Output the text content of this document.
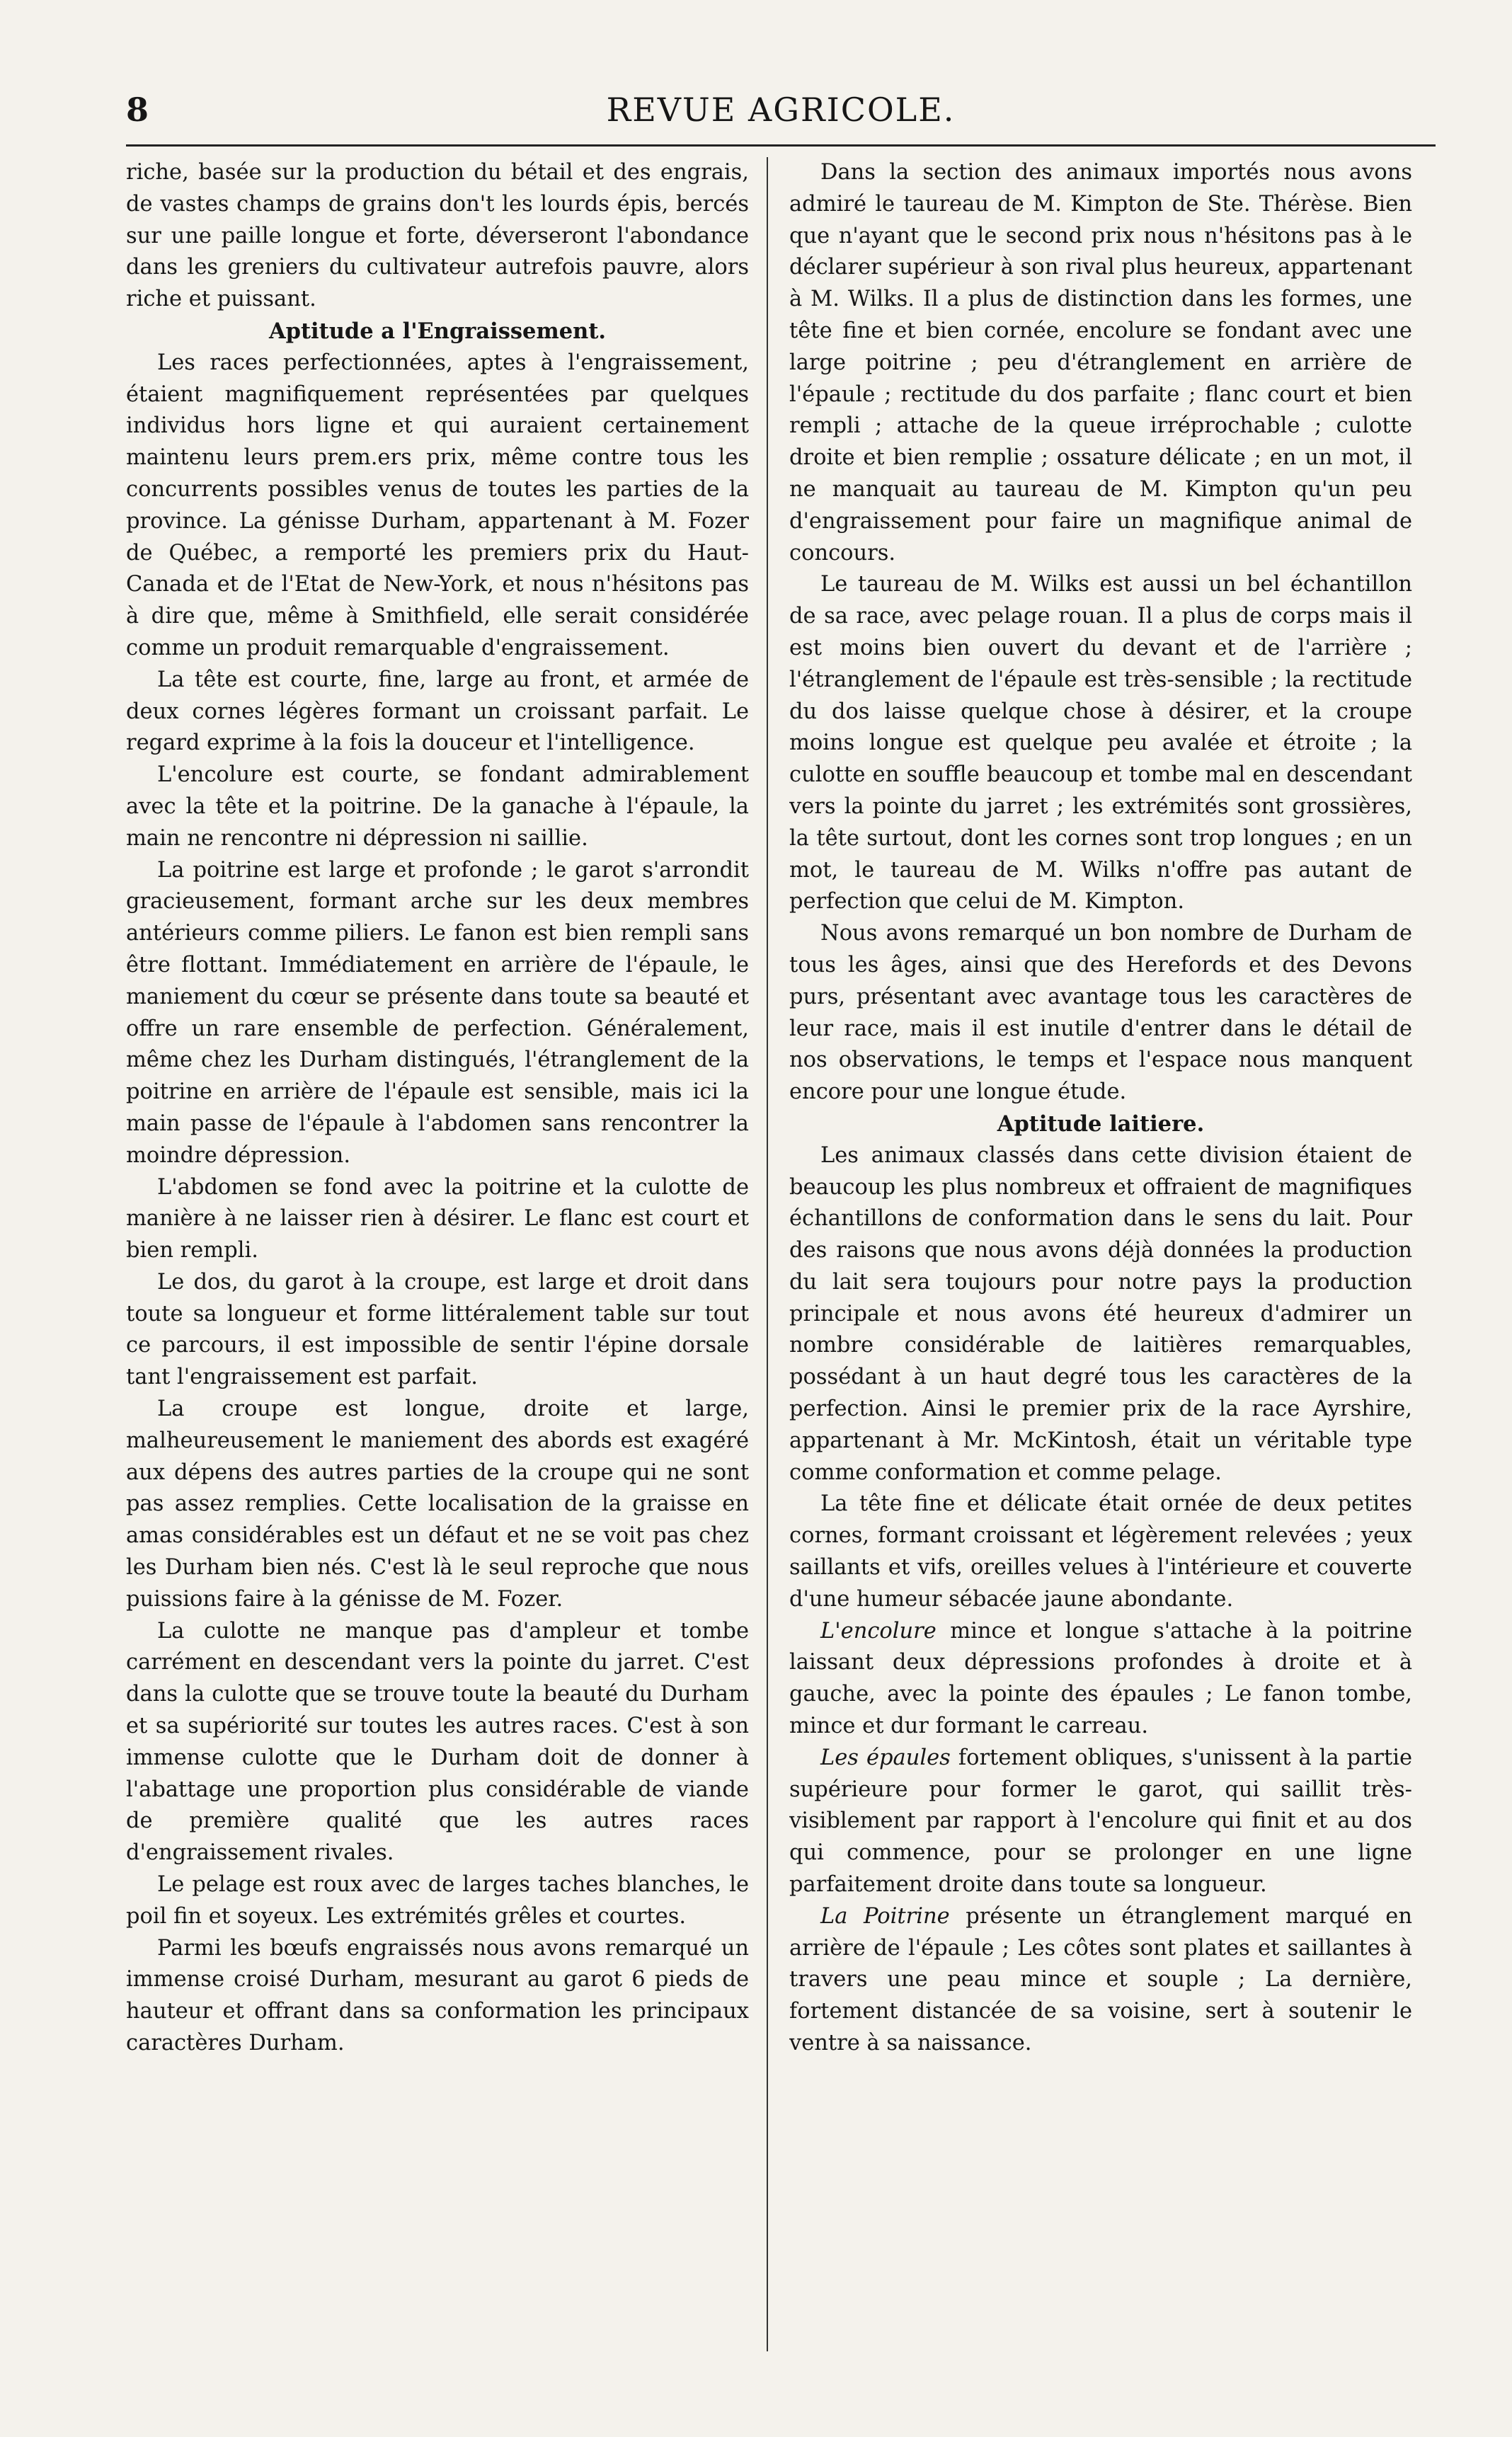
8	REVUE AGRICOLE.

riche, basée sur la production du bétail et des engrais, de vastes champs de grains don't les lourds épis, bercés sur une paille longue et forte, déverseront l'abondance dans les greniers du cultivateur autrefois pauvre, alors riche et puissant.

Aptitude a l'Engraissement.

Les races perfectionnées, aptes à l'engraissement, étaient magnifiquement représentées par quelques individus hors ligne et qui auraient certainement maintenu leurs prem.ers prix, même contre tous les concurrents possibles venus de toutes les parties de la province. La génisse Durham, appartenant à M. Fozer de Québec, a remporté les premiers prix du Haut-Canada et de l'Etat de New-York, et nous n'hésitons pas à dire que, même à Smithfield, elle serait considérée comme un produit remarquable d'engraissement.

La tête est courte, fine, large au front, et armée de deux cornes légères formant un croissant parfait. Le regard exprime à la fois la douceur et l'intelligence.

L'encolure est courte, se fondant admirablement avec la tête et la poitrine. De la ganache à l'épaule, la main ne rencontre ni dépression ni saillie.

La poitrine est large et profonde ; le garot s'arrondit gracieusement, formant arche sur les deux membres antérieurs comme piliers. Le fanon est bien rempli sans être flottant. Immédiatement en arrière de l'épaule, le maniement du cœur se présente dans toute sa beauté et offre un rare ensemble de perfection. Généralement, même chez les Durham distingués, l'étranglement de la poitrine en arrière de l'épaule est sensible, mais ici la main passe de l'épaule à l'abdomen sans rencontrer la moindre dépression.

L'abdomen se fond avec la poitrine et la culotte de manière à ne laisser rien à désirer. Le flanc est court et bien rempli.

Le dos, du garot à la croupe, est large et droit dans toute sa longueur et forme littéralement table sur tout ce parcours, il est impossible de sentir l'épine dorsale tant l'engraissement est parfait.

La croupe est longue, droite et large, malheureusement le maniement des abords est exagéré aux dépens des autres parties de la croupe qui ne sont pas assez remplies. Cette localisation de la graisse en amas considérables est un défaut et ne se voit pas chez les Durham bien nés. C'est là le seul reproche que nous puissions faire à la génisse de M. Fozer.

La culotte ne manque pas d'ampleur et tombe carrément en descendant vers la pointe du jarret. C'est dans la culotte que se trouve toute la beauté du Durham et sa supériorité sur toutes les autres races. C'est à son immense culotte que le Durham doit de donner à l'abattage une proportion plus considérable de viande de première qualité que les autres races d'engraissement rivales.

Le pelage est roux avec de larges taches blanches, le poil fin et soyeux. Les extrémités grêles et courtes.

Parmi les bœufs engraissés nous avons remarqué un immense croisé Durham, mesurant au garot 6 pieds de hauteur et offrant dans sa conformation les principaux caractères Durham.

Dans la section des animaux importés nous avons admiré le taureau de M. Kimpton de Ste. Thérèse. Bien que n'ayant que le second prix nous n'hésitons pas à le déclarer supérieur à son rival plus heureux, appartenant à M. Wilks. Il a plus de distinction dans les formes, une tête fine et bien cornée, encolure se fondant avec une large poitrine ; peu d'étranglement en arrière de l'épaule ; rectitude du dos parfaite ; flanc court et bien rempli ; attache de la queue irréprochable ; culotte droite et bien remplie ; ossature délicate ; en un mot, il ne manquait au taureau de M. Kimpton qu'un peu d'engraissement pour faire un magnifique animal de concours.

Le taureau de M. Wilks est aussi un bel échantillon de sa race, avec pelage rouan. Il a plus de corps mais il est moins bien ouvert du devant et de l'arrière ; l'étranglement de l'épaule est très-sensible ; la rectitude du dos laisse quelque chose à désirer, et la croupe moins longue est quelque peu avalée et étroite ; la culotte en souffle beaucoup et tombe mal en descendant vers la pointe du jarret ; les extrémités sont grossières, la tête surtout, dont les cornes sont trop longues ; en un mot, le taureau de M. Wilks n'offre pas autant de perfection que celui de M. Kimpton.

Nous avons remarqué un bon nombre de Durham de tous les âges, ainsi que des Herefords et des Devons purs, présentant avec avantage tous les caractères de leur race, mais il est inutile d'entrer dans le détail de nos observations, le temps et l'espace nous manquent encore pour une longue étude.

Aptitude laitiere.

Les animaux classés dans cette division étaient de beaucoup les plus nombreux et offraient de magnifiques échantillons de conformation dans le sens du lait. Pour des raisons que nous avons déjà données la production du lait sera toujours pour notre pays la production principale et nous avons été heureux d'admirer un nombre considérable de laitières remarquables, possédant à un haut degré tous les caractères de la perfection. Ainsi le premier prix de la race Ayrshire, appartenant à Mr. McKintosh, était un véritable type comme conformation et comme pelage.

La tête fine et délicate était ornée de deux petites cornes, formant croissant et légèrement relevées ; yeux saillants et vifs, oreilles velues à l'intérieure et couverte d'une humeur sébacée jaune abondante.

L'encolure mince et longue s'attache à la poitrine laissant deux dépressions profondes à droite et à gauche, avec la pointe des épaules ; Le fanon tombe, mince et dur formant le carreau.

Les épaules fortement obliques, s'unissent à la partie supérieure pour former le garot, qui saillit très-visiblement par rapport à l'encolure qui finit et au dos qui commence, pour se prolonger en une ligne parfaitement droite dans toute sa longueur.

La Poitrine présente un étranglement marqué en arrière de l'épaule ; Les côtes sont plates et saillantes à travers une peau mince et souple ; La dernière, fortement distancée de sa voisine, sert à soutenir le ventre à sa naissance.
